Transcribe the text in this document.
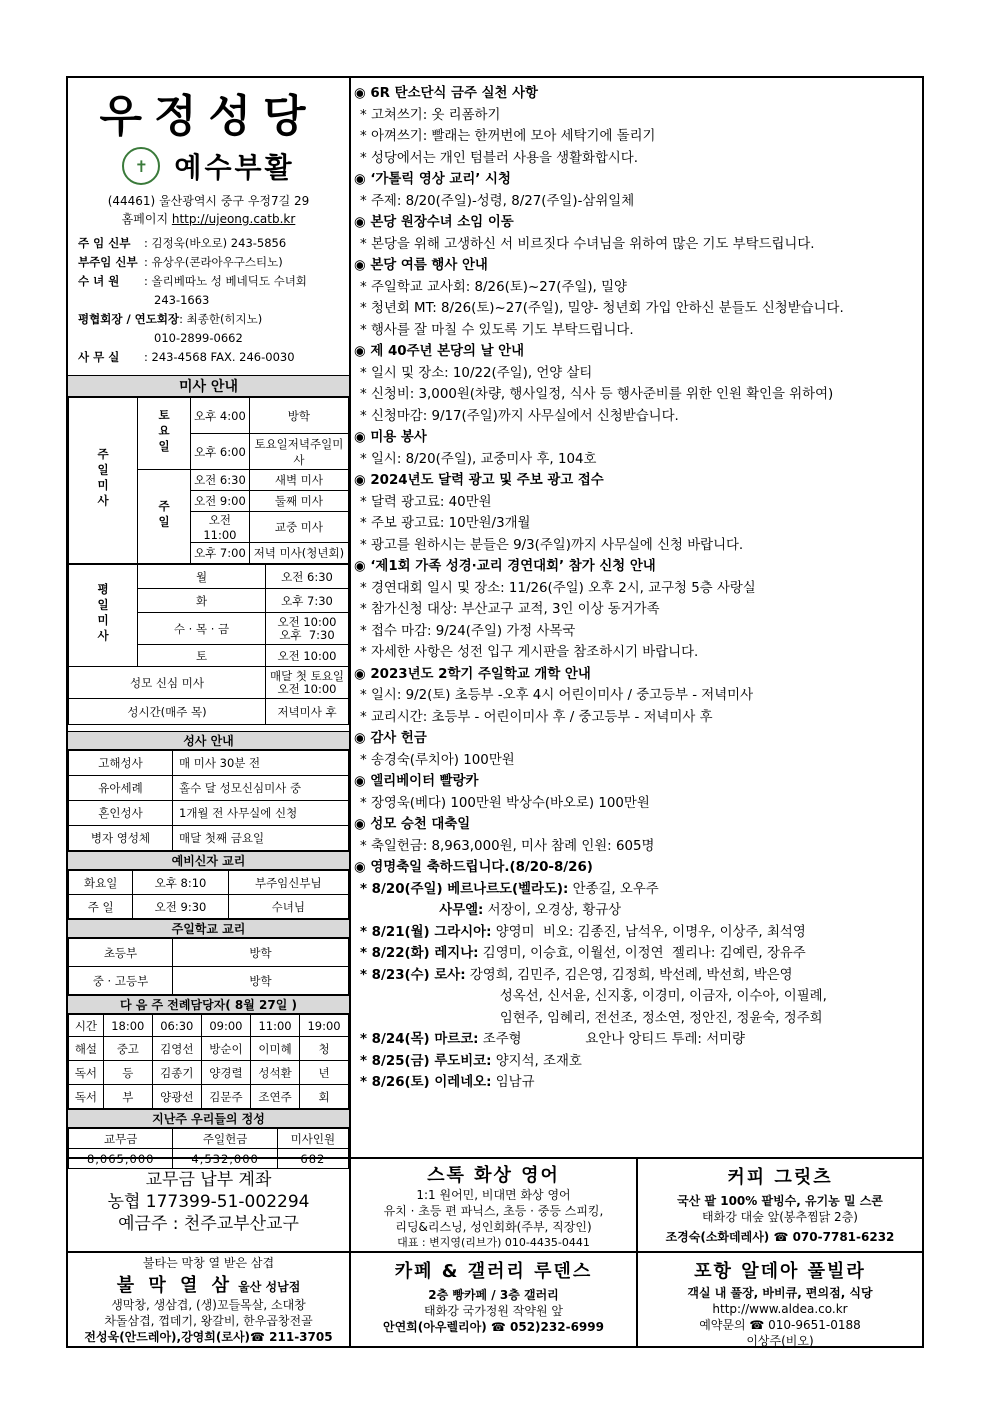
우정성당
✝ 예수부활
(44461) 울산광역시 중구 우정7길 29
홈페이지 http://ujeong.catb.kr
주 임 신부	: 김정욱(바오로) 243-5856
부주임 신부 : 유상우(콘라아우구스티노)
수 녀 원	: 올리베따노 성 베네딕도 수녀회
243-1663
평협회장 / 연도회장 : 최종한(히지노)
010-2899-0662
사 무 실	: 243-4568 FAX. 246-0030
미사 안내
주일미사	토요일	오후 4:00	방학
		오후 6:00	토요일저녁주일미사
	주일	오전 6:30	새벽 미사
		오전 9:00	둘째 미사
		오전11:00	교중 미사
		오후 7:00	저녁 미사(청년회)
평일미사	월	오전 6:30
	화	오후 7:30
	수 · 목 · 금	오전 10:00
오후  7:30
	토	오전 10:00
성모 신심 미사		매달 첫 토요일
오전 10:00
성시간(매주 목)		저녁미사 후
성사 안내
고해성사	매 미사 30분 전
유아세례	홀수 달 성모신심미사 중
혼인성사	1개월 전 사무실에 신청
병자 영성체	매달 첫째 금요일
예비신자 교리
화요일	오후 8:10	부주임신부님
주 일	오전 9:30	수녀님
주일학교 교리
초등부	방학
중 · 고등부	방학
다 음 주 전례담당자( 8월 27일 )
시간	18:00	06:30	09:00	11:00	19:00
해설	중고	김영선	방순이	이미혜	청
독서	등	김종기	양경렬	성석환	년
독서	부	양광선	김문주	조연주	회
지난주 우리들의 정성
교무금	주일헌금	미사인원
8,065,000	4,532,000	682
◉ 6R 탄소단식 금주 실천 사항
* 고쳐쓰기: 옷 리폼하기
* 아껴쓰기: 빨래는 한꺼번에 모아 세탁기에 돌리기
* 성당에서는 개인 텀블러 사용을 생활화합시다.
◉ ‘가톨릭 영상 교리’ 시청
* 주제: 8/20(주일)-성령, 8/27(주일)-삼위일체
◉ 본당 원장수녀 소임 이동
* 본당을 위해 고생하신 서 비르짓다 수녀님을 위하여 많은 기도 부탁드립니다.
◉ 본당 여름 행사 안내
* 주일학교 교사회: 8/26(토)~27(주일), 밀양
* 청년회 MT: 8/26(토)~27(주일), 밀양- 청년회 가입 안하신 분들도 신청받습니다.
* 행사를 잘 마칠 수 있도록 기도 부탁드립니다.
◉ 제 40주년 본당의 날 안내
* 일시 및 장소: 10/22(주일), 언양 살티
* 신청비: 3,000원(차량, 행사일정, 식사 등 행사준비를 위한 인원 확인을 위하여)
* 신청마감: 9/17(주일)까지 사무실에서 신청받습니다.
◉ 미용 봉사
* 일시: 8/20(주일), 교중미사 후, 104호
◉ 2024년도 달력 광고 및 주보 광고 접수
* 달력 광고료: 40만원
* 주보 광고료: 10만원/3개월
* 광고를 원하시는 분들은 9/3(주일)까지 사무실에 신청 바랍니다.
◉ ‘제1회 가족 성경·교리 경연대회’ 참가 신청 안내
* 경연대회 일시 및 장소: 11/26(주일) 오후 2시, 교구청 5층 사랑실
* 참가신청 대상: 부산교구 교적, 3인 이상 동거가족
* 접수 마감: 9/24(주일) 가정 사목국
* 자세한 사항은 성전 입구 게시판을 참조하시기 바랍니다.
◉ 2023년도 2학기 주일학교 개학 안내
* 일시: 9/2(토) 초등부 -오후 4시 어린이미사 / 중고등부 - 저녁미사
* 교리시간: 초등부 - 어린이미사 후 / 중고등부 - 저녁미사 후
◉ 감사 헌금
* 송경숙(루치아) 100만원
◉ 엘리베이터 빨랑카
* 장영욱(베다) 100만원 박상수(바오로) 100만원
◉ 성모 승천 대축일
* 축일헌금: 8,963,000원, 미사 참례 인원: 605명
◉ 영명축일 축하드립니다.(8/20-8/26)
* 8/20(주일) 베르나르도(벨라도): 안종길, 오우주
사무엘: 서장이, 오경상, 황규상
* 8/21(월) 그라시아: 양영미  비오: 김종진, 남석우, 이명우, 이상주, 최석영
* 8/22(화) 레지나: 김영미, 이승효, 이월선, 이정연  젤리나: 김예린, 장유주
* 8/23(수) 로사: 강영희, 김민주, 김은영, 김정희, 박선례, 박선희, 박은영
성옥선, 신서윤, 신지홍, 이경미, 이금자, 이수아, 이필례,
임현주, 임혜리, 전선조, 정소연, 정안진, 정윤숙, 정주희
* 8/24(목) 마르코: 조주형               요안나 앙티드 투레: 서미량
* 8/25(금) 루도비코: 양지석, 조재호
* 8/26(토) 이레네오: 임남규
교무금 납부 계좌
농협 177399-51-002294
예금주 : 천주교부산교구
스톡 화상 영어
1:1 원어민, 비대면 화상 영어
유치 · 초등 편 파닉스, 초등 · 중등 스피킹,
리딩&리스닝, 성인회화(주부, 직장인)
대표 : 변지영(리브가) 010-4435-0441
커피 그릿츠
국산 팥 100% 팥빙수, 유기농 밀 스콘
태화강 대숲 앞(봉추찜닭 2층)
조경숙(소화데레사) ☎ 070-7781-6232
불타는 막창 열 받은 삼겹
불 막 열 삼 울산 성남점
생막창, 생삼겹, (생)꼬들목살, 소대창
차돌삼겹, 껍데기, 왕갈비, 한우곱창전골
전성욱(안드레아),강영희(로사)☎ 211-3705
카페 & 갤러리 루덴스
2층 빵카페 / 3층 갤러리
태화강 국가정원 작약원 앞
안연희(아우렐리아) ☎ 052)232-6999
포항 알데아 풀빌라
객실 내 풀장, 바비큐, 편의점, 식당
http://www.aldea.co.kr
예약문의 ☎ 010-9651-0188
이상주(비오)
